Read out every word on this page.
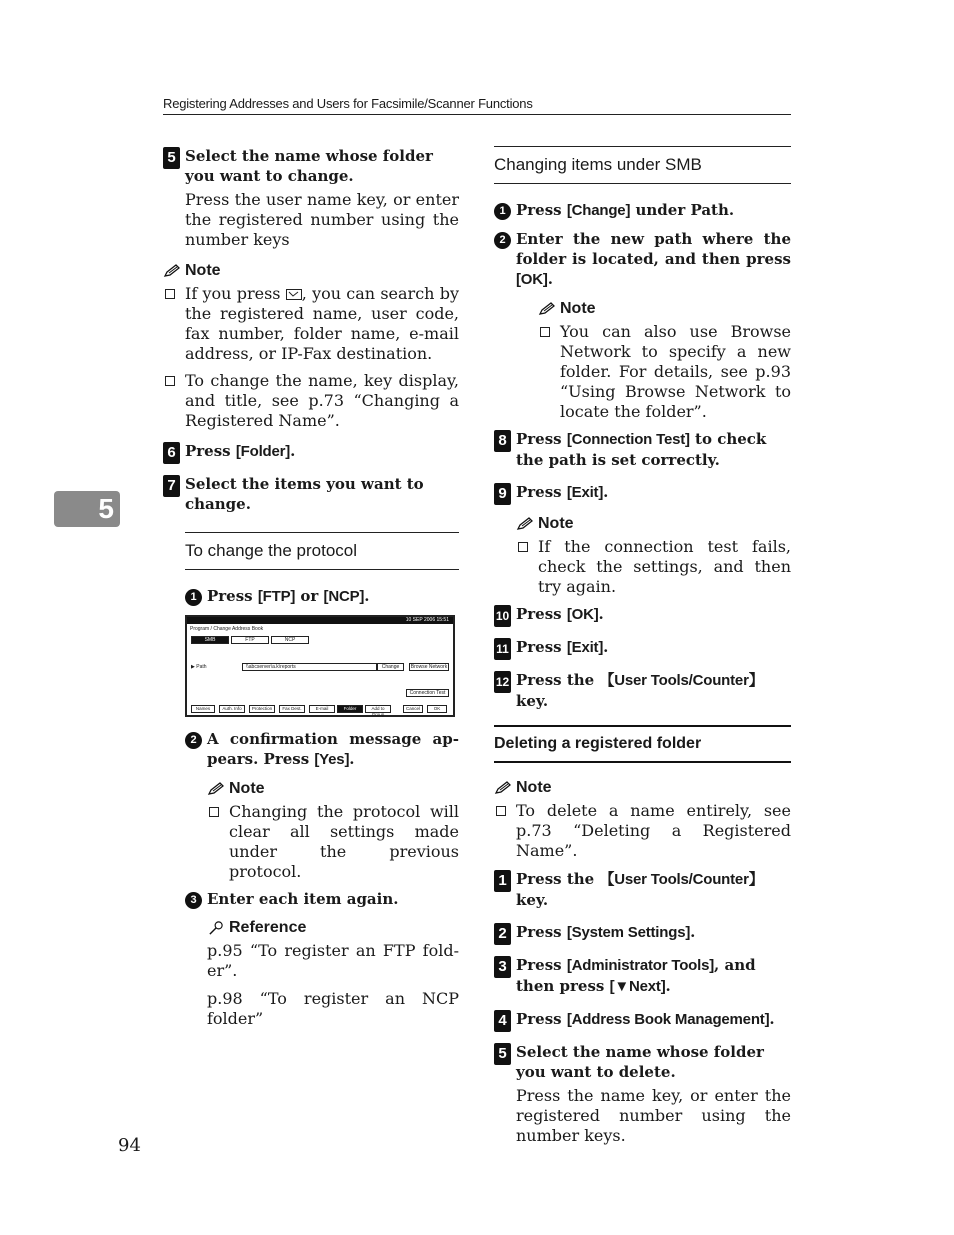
Registering Addresses and Users for Facsimile/Scanner Functions
5
94
5 Select the name whose folder you want to change.
Press the user name key, or enter the registered number using the number keys
Note
If you press , you can search by the registered name, user code, fax number, folder name, e-mail address, or IP-Fax destination.
To change the name, key display, and title, see p.73 “Changing a Registered Name”.
6 Press [Folder].
7 Select the items you want to change.
To change the protocol
1 Press [FTP] or [NCP].
10 SEP 2006 15:51
Program / Change Address Book
SMB	FTP	NCP
▶ Path	\\abcserver\a.k\reports	Change	Browse Network
Connection Test
Names	Auth. Info	Protection	Fax Dest.	E-mail	Folder	Add to Group
Cancel	OK
2 A confirmation message appears. Press [Yes].
Note
Changing the protocol will clear all settings made under the previous protocol.
3 Enter each item again.
Reference
p.95 “To register an FTP folder”.
p.98 “To register an NCP folder”
Changing items under SMB
1 Press [Change] under Path.
2 Enter the new path where the folder is located, and then press [OK].
Note
You can also use Browse Network to specify a new folder. For details, see p.93 “Using Browse Network to locate the folder”.
8 Press [Connection Test] to check the path is set correctly.
9 Press [Exit].
Note
If the connection test fails, check the settings, and then try again.
10 Press [OK].
11 Press [Exit].
12 Press the 【User Tools/Counter】 key.
Deleting a registered folder
Note
To delete a name entirely, see p.73 “Deleting a Registered Name”.
1 Press the 【User Tools/Counter】 key.
2 Press [System Settings].
3 Press [Administrator Tools], and then press [▼Next].
4 Press [Address Book Management].
5 Select the name whose folder you want to delete.
Press the name key, or enter the registered number using the number keys.
